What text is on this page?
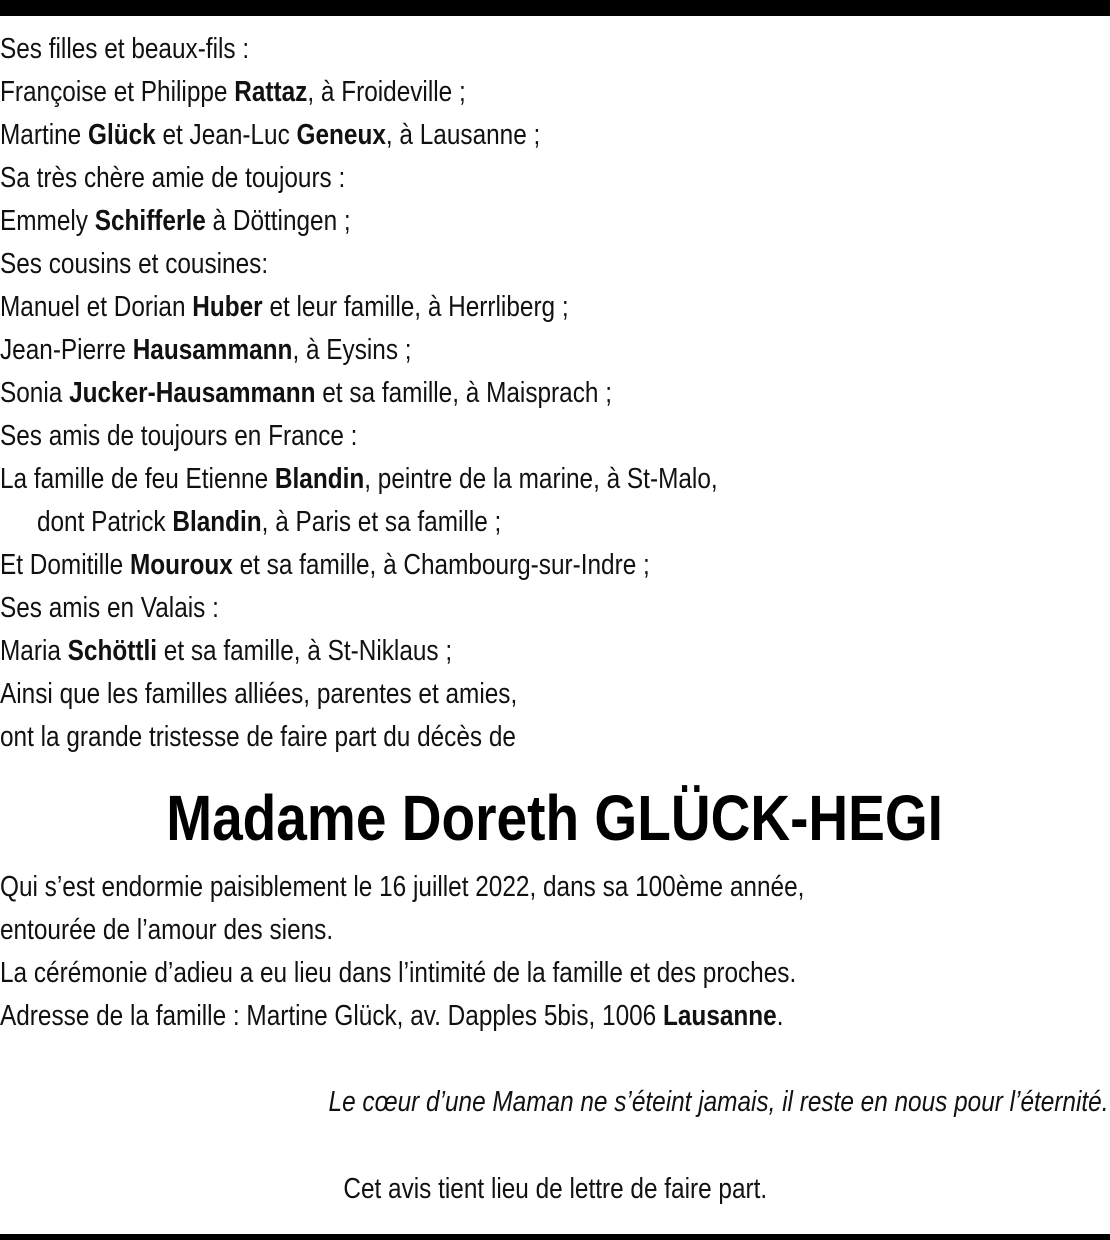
Ses filles et beaux-fils :
Françoise et Philippe Rattaz, à Froideville ;
Martine Glück et Jean-Luc Geneux, à Lausanne ;
Sa très chère amie de toujours :
Emmely Schifferle à Döttingen ;
Ses cousins et cousines:
Manuel et Dorian Huber et leur famille, à Herrliberg ;
Jean-Pierre Hausammann, à Eysins ;
Sonia Jucker-Hausammann et sa famille, à Maisprach ;
Ses amis de toujours en France :
La famille de feu Etienne Blandin, peintre de la marine, à St-Malo,
dont Patrick Blandin, à Paris et sa famille ;
Et Domitille Mouroux et sa famille, à Chambourg-sur-Indre ;
Ses amis en Valais :
Maria Schöttli et sa famille, à St-Niklaus ;
Ainsi que les familles alliées, parentes et amies,
ont la grande tristesse de faire part du décès de
Madame Doreth GLÜCK-HEGI
Qui s’est endormie paisiblement le 16 juillet 2022, dans sa 100ème année,
entourée de l’amour des siens.
La cérémonie d’adieu a eu lieu dans l’intimité de la famille et des proches.
Adresse de la famille : Martine Glück, av. Dapples 5bis, 1006 Lausanne.
Le cœur d’une Maman ne s’éteint jamais, il reste en nous pour l’éternité.
Cet avis tient lieu de lettre de faire part.
